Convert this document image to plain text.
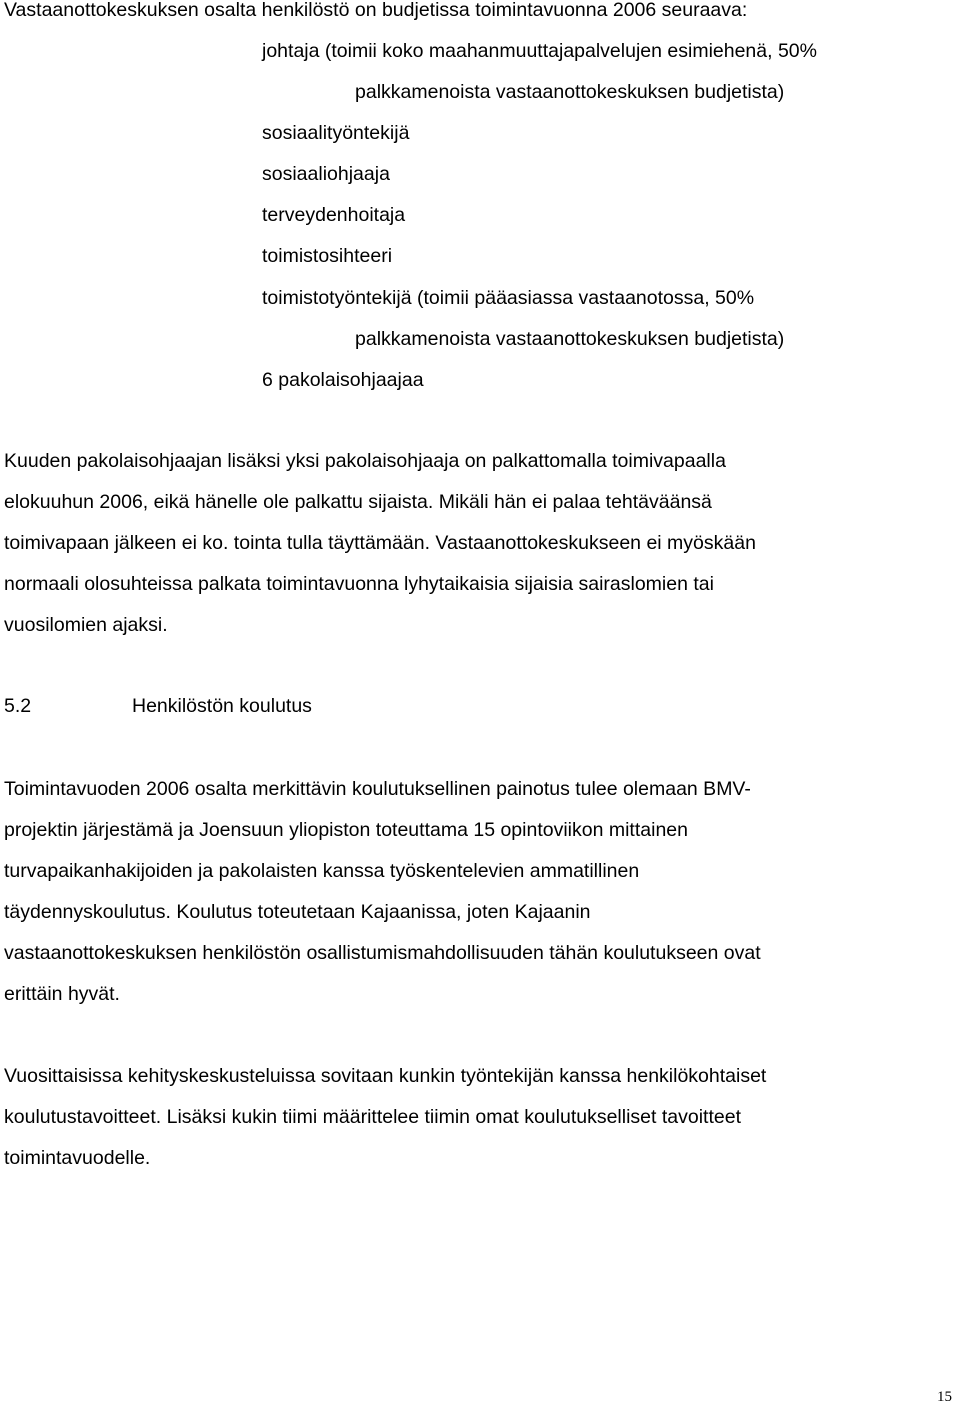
Vastaanottokeskuksen osalta henkilöstö on budjetissa toimintavuonna 2006 seuraava:
johtaja (toimii koko maahanmuuttajapalvelujen esimiehenä, 50%
palkkamenoista vastaanottokeskuksen budjetista)
sosiaalityöntekijä
sosiaaliohjaaja
terveydenhoitaja
toimistosihteeri
toimistotyöntekijä (toimii pääasiassa vastaanotossa, 50%
palkkamenoista vastaanottokeskuksen budjetista)
6 pakolaisohjaajaa

Kuuden pakolaisohjaajan lisäksi yksi pakolaisohjaaja on palkattomalla toimivapaalla
elokuuhun 2006, eikä hänelle ole palkattu sijaista. Mikäli hän ei palaa tehtäväänsä
toimivapaan jälkeen ei ko. tointa tulla täyttämään. Vastaanottokeskukseen ei myöskään
normaali olosuhteissa palkata toimintavuonna lyhytaikaisia sijaisia sairaslomien tai
vuosilomien ajaksi.

5.2	Henkilöstön koulutus

Toimintavuoden 2006 osalta merkittävin koulutuksellinen painotus tulee olemaan BMV-
projektin järjestämä ja Joensuun yliopiston toteuttama 15 opintoviikon mittainen
turvapaikanhakijoiden ja pakolaisten kanssa työskentelevien ammatillinen
täydennyskoulutus. Koulutus toteutetaan Kajaanissa, joten Kajaanin
vastaanottokeskuksen henkilöstön osallistumismahdollisuuden tähän koulutukseen ovat
erittäin hyvät.

Vuosittaisissa kehityskeskusteluissa sovitaan kunkin työntekijän kanssa henkilökohtaiset
koulutustavoitteet. Lisäksi kukin tiimi määrittelee tiimin omat koulutukselliset tavoitteet
toimintavuodelle.

15
